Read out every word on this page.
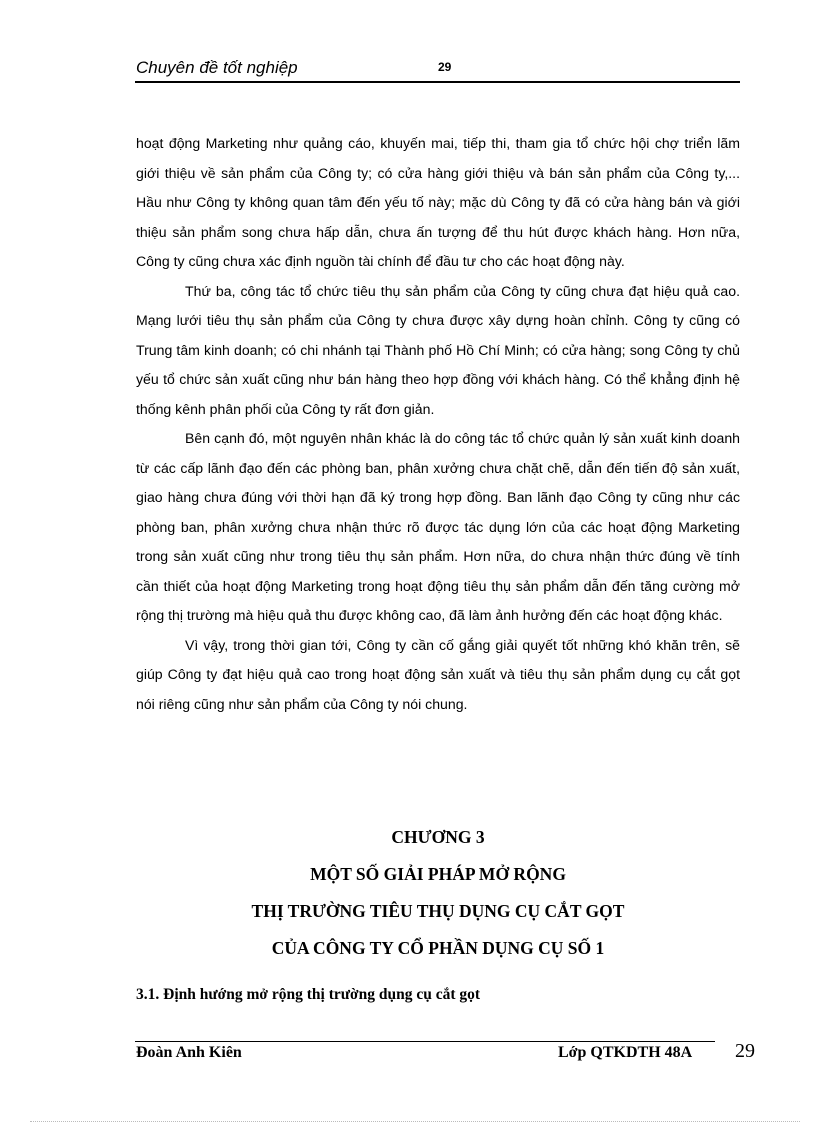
Chuyên đề tốt nghiệp	29

hoạt động Marketing như quảng cáo, khuyến mai, tiếp thi, tham gia tổ chức hội chợ triển lãm giới thiệu về sản phẩm của Công ty; có cửa hàng giới thiệu và bán sản phẩm của Công ty,... Hầu như Công ty không quan tâm đến yếu tố này; mặc dù Công ty đã có cửa hàng bán và giới thiệu sản phẩm song chưa hấp dẫn, chưa ấn tượng để thu hút được khách hàng. Hơn nữa, Công ty cũng chưa xác định nguồn tài chính để đầu tư cho các hoạt động này.

Thứ ba, công tác tổ chức tiêu thụ sản phẩm của Công ty cũng chưa đạt hiệu quả cao. Mạng lưới tiêu thụ sản phẩm của Công ty chưa được xây dựng hoàn chỉnh. Công ty cũng có Trung tâm kinh doanh; có chi nhánh tại Thành phố Hồ Chí Minh; có cửa hàng; song Công ty chủ yếu tổ chức sản xuất cũng như bán hàng theo hợp đồng với khách hàng. Có thể khẳng định hệ thống kênh phân phối của Công ty rất đơn giản.

Bên cạnh đó, một nguyên nhân khác là do công tác tổ chức quản lý sản xuất kinh doanh từ các cấp lãnh đạo đến các phòng ban, phân xưởng chưa chặt chẽ, dẫn đến tiến độ sản xuất, giao hàng chưa đúng với thời hạn đã ký trong hợp đồng. Ban lãnh đạo Công ty cũng như các phòng ban, phân xưởng chưa nhận thức rõ được tác dụng lớn của các hoạt động Marketing trong sản xuất cũng như trong tiêu thụ sản phẩm. Hơn nữa, do chưa nhận thức đúng về tính cần thiết của hoạt động Marketing trong hoạt động tiêu thụ sản phẩm dẫn đến tăng cường mở rộng thị trường mà hiệu quả thu được không cao, đã làm ảnh hưởng đến các hoạt động khác.

Vì vậy, trong thời gian tới, Công ty cần cố gắng giải quyết tốt những khó khăn trên, sẽ giúp Công ty đạt hiệu quả cao trong hoạt động sản xuất và tiêu thụ sản phẩm dụng cụ cắt gọt nói riêng cũng như sản phẩm của Công ty nói chung.

CHƯƠNG 3
MỘT SỐ GIẢI PHÁP MỞ RỘNG
THỊ TRƯỜNG TIÊU THỤ DỤNG CỤ CẮT GỌT
CỦA CÔNG TY CỔ PHẦN DỤNG CỤ SỐ 1
3.1. Định hướng mở rộng thị trường dụng cụ cắt gọt
Đoàn Anh Kiên	Lớp QTKDTH 48A 29
